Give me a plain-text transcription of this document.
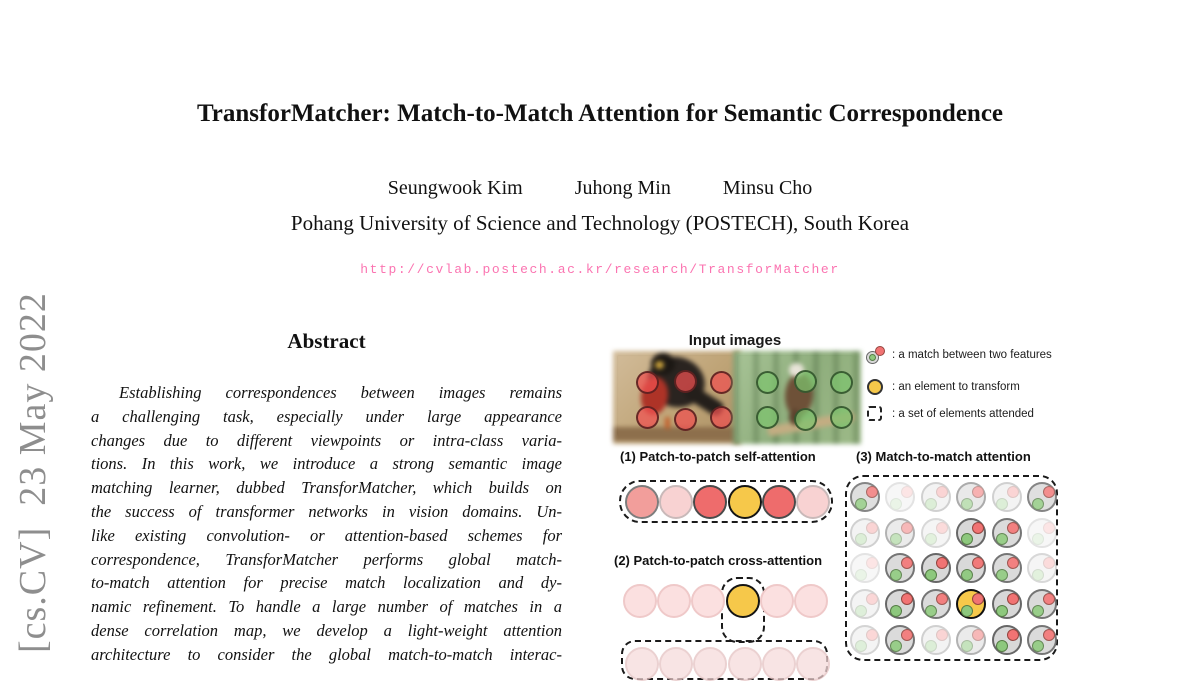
[cs.CV]  23 May 2022
TransforMatcher: Match-to-Match Attention for Semantic Correspondence
Seungwook Kim	Juhong Min	Minsu Cho
Pohang University of Science and Technology (POSTECH), South Korea
http://cvlab.postech.ac.kr/research/TransforMatcher
Abstract
Establishing correspondences between images remains
a challenging task, especially under large appearance
changes due to different viewpoints or intra-class varia-
tions. In this work, we introduce a strong semantic image
matching learner, dubbed TransforMatcher, which builds on
the success of transformer networks in vision domains. Un-
like existing convolution- or attention-based schemes for
correspondence, TransforMatcher performs global match-
to-match attention for precise match localization and dy-
namic refinement. To handle a large number of matches in a
dense correlation map, we develop a light-weight attention
architecture to consider the global match-to-match interac-
Input images
: a match between two features
: an element to transform
: a set of elements attended
(1) Patch-to-patch self-attention
(2) Patch-to-patch cross-attention
(3) Match-to-match attention
